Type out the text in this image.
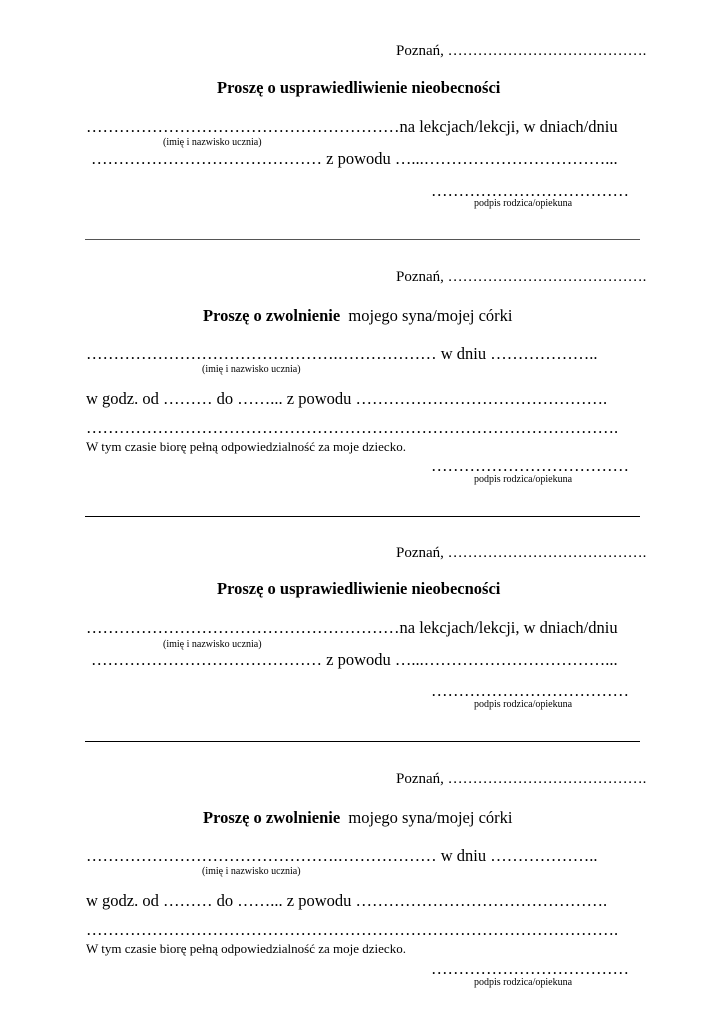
Poznań, ………………………………….
Proszę o usprawiedliwienie nieobecności
…………………………………………………na lekcjach/lekcji, w dniach/dniu
(imię i nazwisko ucznia)
…………………………………… z powodu …...……………………………...
………………………………
podpis rodzica/opiekuna
Poznań, ………………………………….
Proszę o zwolnienie  mojego syna/mojej córki
……………………………………….……………… w dniu ………………..
(imię i nazwisko ucznia)
w godz. od ……… do ……... z powodu ……………………………………….
…………………………………………………………………………………….
W tym czasie biorę pełną odpowiedzialność za moje dziecko.
………………………………
podpis rodzica/opiekuna
Poznań, ………………………………….
Proszę o usprawiedliwienie nieobecności
…………………………………………………na lekcjach/lekcji, w dniach/dniu
(imię i nazwisko ucznia)
…………………………………… z powodu …...……………………………...
………………………………
podpis rodzica/opiekuna
Poznań, ………………………………….
Proszę o zwolnienie  mojego syna/mojej córki
……………………………………….……………… w dniu ………………..
(imię i nazwisko ucznia)
w godz. od ……… do ……... z powodu ……………………………………….
…………………………………………………………………………………….
W tym czasie biorę pełną odpowiedzialność za moje dziecko.
………………………………
podpis rodzica/opiekuna
